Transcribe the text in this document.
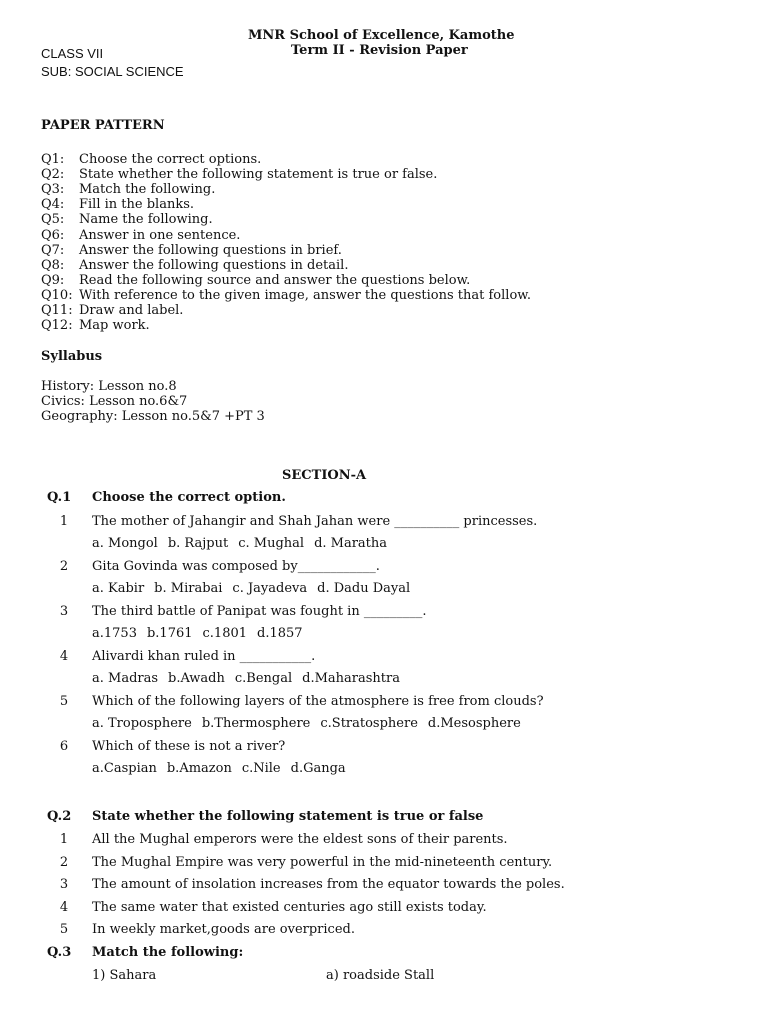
MNR School of Excellence, Kamothe
Term II - Revision Paper
CLASS VII
SUB: SOCIAL SCIENCE
PAPER PATTERN
Q1: Choose the correct options.
Q2: State whether the following statement is true or false.
Q3: Match the following.
Q4: Fill in the blanks.
Q5: Name the following.
Q6: Answer in one sentence.
Q7: Answer the following questions in brief.
Q8: Answer the following questions in detail.
Q9: Read the following source and answer the questions below.
Q10: With reference to the given image, answer the questions that follow.
Q11: Draw and label.
Q12: Map work.
Syllabus
History: Lesson no.8
Civics: Lesson no.6&7
Geography: Lesson no.5&7 +PT 3
SECTION-A
Q.1 Choose the correct option.
1	The mother of Jahangir and Shah Jahan were __________ princesses.
a. Mongol b. Rajput c. Mughal d. Maratha
2	Gita Govinda was composed by____________.
a. Kabir b. Mirabai c. Jayadeva d. Dadu Dayal
3	The third battle of Panipat was fought in _________.
a.1753 b.1761 c.1801 d.1857
4	Alivardi khan ruled in ___________.
a. Madras b.Awadh c.Bengal d.Maharashtra
5	Which of the following layers of the atmosphere is free from clouds?
a. Troposphere b.Thermosphere c.Stratosphere d.Mesosphere
6	Which of these is not a river?
a.Caspian b.Amazon c.Nile d.Ganga
Q.2 State whether the following statement is true or false
1	All the Mughal emperors were the eldest sons of their parents.
2	The Mughal Empire was very powerful in the mid-nineteenth century.
3	The amount of insolation increases from the equator towards the poles.
4	The same water that existed centuries ago still exists today.
5	In weekly market,goods are overpriced.
Q.3 Match the following:
1) Sahara	a) roadside Stall
